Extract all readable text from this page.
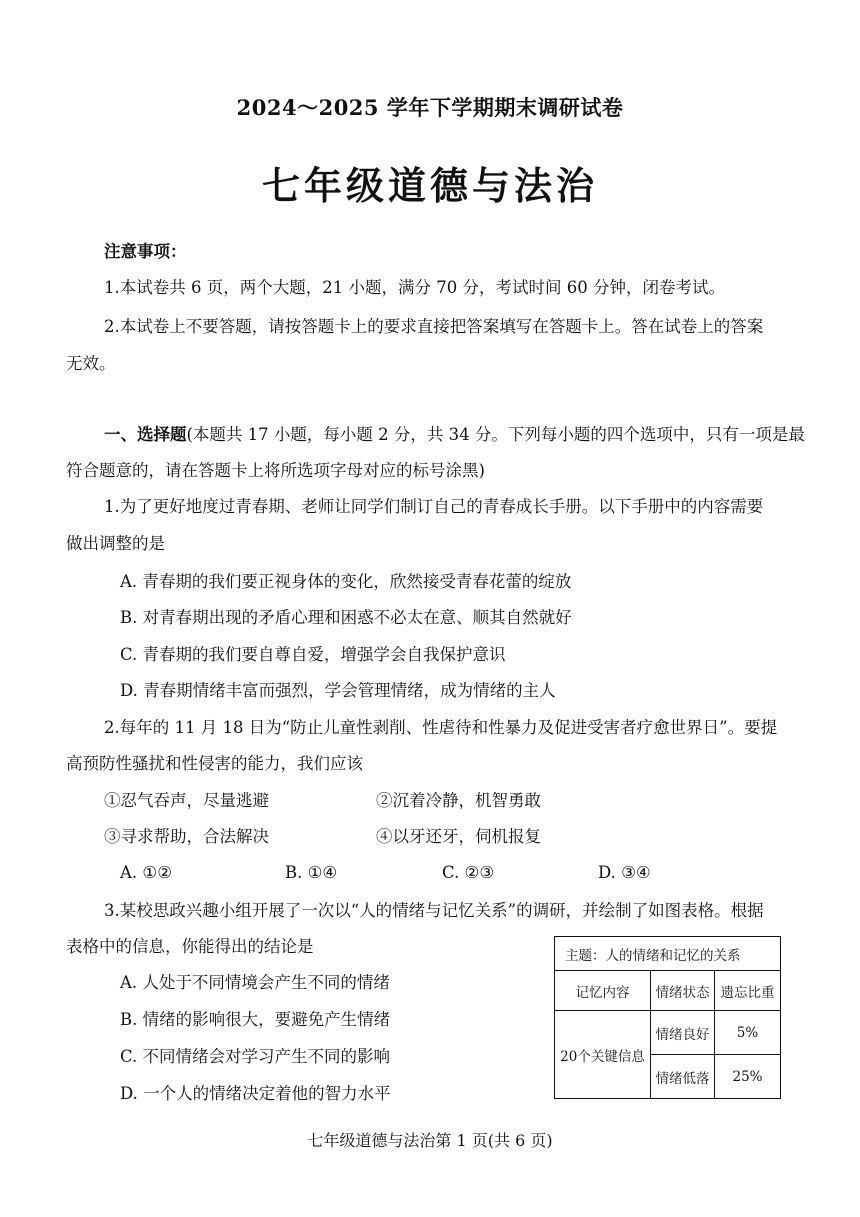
2024～2025 学年下学期期末调研试卷
七年级道德与法治
注意事项：
1.本试卷共 6 页，两个大题，21 小题，满分 70 分，考试时间 60 分钟，闭卷考试。
2.本试卷上不要答题，请按答题卡上的要求直接把答案填写在答题卡上。答在试卷上的答案
无效。
一、选择题(本题共 17 小题，每小题 2 分，共 34 分。下列每小题的四个选项中，只有一项是最
符合题意的，请在答题卡上将所选项字母对应的标号涂黑)
1.为了更好地度过青春期、老师让同学们制订自己的青春成长手册。以下手册中的内容需要
做出调整的是
A. 青春期的我们要正视身体的变化，欣然接受青春花蕾的绽放
B. 对青春期出现的矛盾心理和困惑不必太在意、顺其自然就好
C. 青春期的我们要自尊自爱，增强学会自我保护意识
D. 青春期情绪丰富而强烈，学会管理情绪，成为情绪的主人
2.每年的 11 月 18 日为“防止儿童性剥削、性虐待和性暴力及促进受害者疗愈世界日”。要提
高预防性骚扰和性侵害的能力，我们应该
①忍气吞声，尽量逃避	②沉着冷静，机智勇敢
③寻求帮助，合法解决	④以牙还牙，伺机报复
A. ①②	B. ①④	C. ②③	D. ③④
3.某校思政兴趣小组开展了一次以“人的情绪与记忆关系”的调研，并绘制了如图表格。根据
表格中的信息，你能得出的结论是
A. 人处于不同情境会产生不同的情绪
B. 情绪的影响很大，要避免产生情绪
C. 不同情绪会对学习产生不同的影响
D. 一个人的情绪决定着他的智力水平
主题：人的情绪和记忆的关系		
记忆内容	情绪状态	遗忘比重
20个关键信息	情绪良好	5%
	情绪低落	25%
七年级道德与法治第 1 页(共 6 页)
